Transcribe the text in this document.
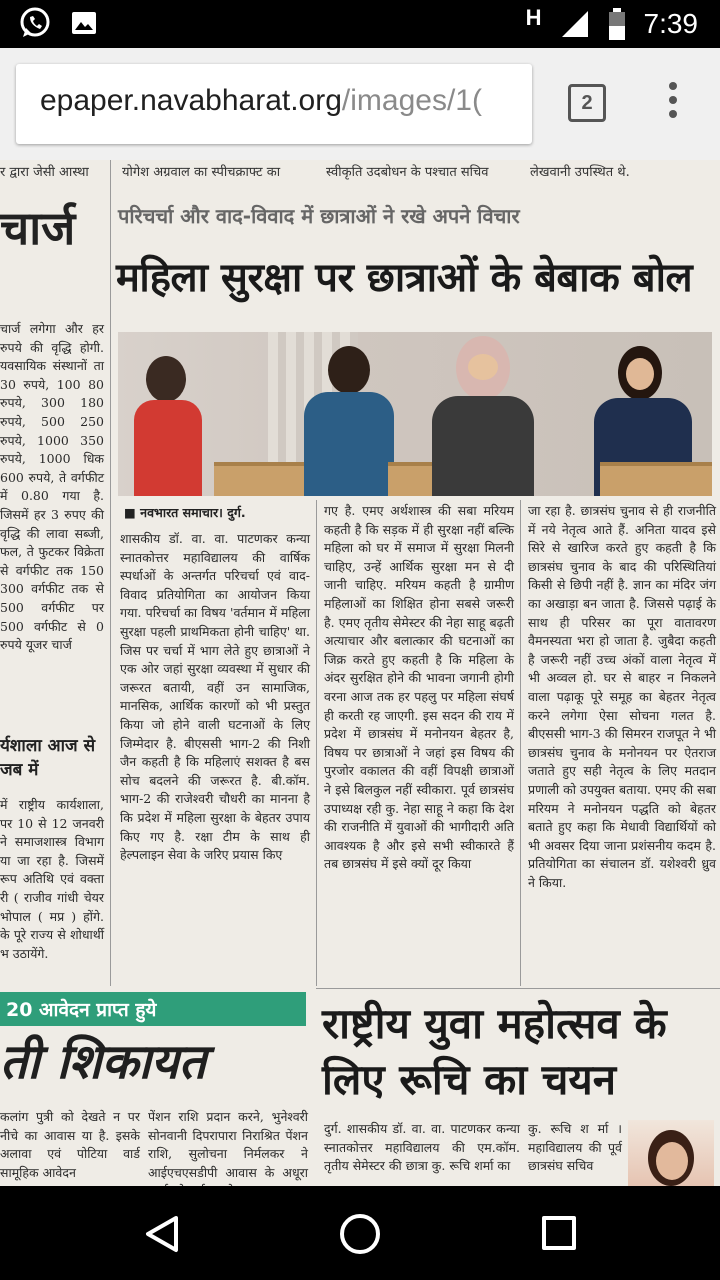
H	7:39
epaper.navabharat.org/images/1(	2
र द्वारा जेसी आस्था	योगेश अग्रवाल का स्पीचक्राफ्ट का	स्वीकृति उदबोधन के पश्चात सचिव	लेखवानी उपस्थित थे.
चार्ज
चार्ज लगेगा और हर रुपये की वृद्धि होगी. यवसायिक संस्थानों ता 30 रुपये, 100 80 रुपये, 300 180 रुपये, 500 250 रुपये, 1000 350 रुपये, 1000 धिक 600 रुपये, ते वर्गफीट में 0.80 गया है. जिसमें हर 3 रुपए की वृद्धि की लावा सब्जी, फल, ते फुटकर विक्रेता से वर्गफीट तक 150 300 वर्गफीट तक से 500 वर्गफीट पर 500 वर्गफीट से 0 रुपये यूजर चार्ज
र्यशाला आज से जब में
में राष्ट्रीय कार्यशाला, पर 10 से 12 जनवरी ने समाजशास्त्र विभाग या जा रहा है. जिसमें रूप अतिथि एवं वक्ता री ( राजीव गांधी चेयर भोपाल ( मप्र ) होंगे. के पूरे राज्य से शोधार्थी भ उठायेंगे.
परिचर्चा और वाद-विवाद में छात्राओं ने रखे अपने विचार
महिला सुरक्षा पर छात्राओं के बेबाक बोल
■ नवभारत समाचार। दुर्ग.
शासकीय डॉ. वा. वा. पाटणकर कन्या स्नातकोत्तर महाविद्यालय की वार्षिक स्पर्धाओं के अन्तर्गत परिचर्चा एवं वाद-विवाद प्रतियोगिता का आयोजन किया गया. परिचर्चा का विषय 'वर्तमान में महिला सुरक्षा पहली प्राथमिकता होनी चाहिए' था. जिस पर चर्चा में भाग लेते हुए छात्राओं ने एक ओर जहां सुरक्षा व्यवस्था में सुधार की जरूरत बतायी, वहीं उन सामाजिक, मानसिक, आर्थिक कारणों को भी प्रस्तुत किया जो होने वाली घटनाओं के लिए जिम्मेदार है. बीएससी भाग-2 की निशी जैन कहती है कि महिलाएं सशक्त है बस सोच बदलने की जरूरत है. बी.कॉम. भाग-2 की राजेश्वरी चौधरी का मानना है कि प्रदेश में महिला सुरक्षा के बेहतर उपाय किए गए है. रक्षा टीम के साथ ही हेल्पलाइन सेवा के जरिए प्रयास किए
गए है. एमए अर्थशास्त्र की सबा मरियम कहती है कि सड़क में ही सुरक्षा नहीं बल्कि महिला को घर में समाज में सुरक्षा मिलनी चाहिए, उन्हें आर्थिक सुरक्षा मन से दी जानी चाहिए. मरियम कहती है ग्रामीण महिलाओं का शिक्षित होना सबसे जरूरी है. एमए तृतीय सेमेस्टर की नेहा साहू बढ़ती अत्याचार और बलात्कार की घटनाओं का जिक्र करते हुए कहती है कि महिला के अंदर सुरक्षित होने की भावना जगानी होगी वरना आज तक हर पहलु पर महिला संघर्ष ही करती रह जाएगी. इस सदन की राय में प्रदेश में छात्रसंघ में मनोनयन बेहतर है, विषय पर छात्राओं ने जहां इस विषय की पुरजोर वकालत की वहीं विपक्षी छात्राओं ने इसे बिलकुल नहीं स्वीकारा. पूर्व छात्रसंघ उपाध्यक्ष रही कु. नेहा साहू ने कहा कि देश की राजनीति में युवाओं की भागीदारी अति आवश्यक है और इसे सभी स्वीकारते हैं तब छात्रसंघ में इसे क्यों दूर किया
जा रहा है. छात्रसंघ चुनाव से ही राजनीति में नये नेतृत्व आते हैं. अनिता यादव इसे सिरे से खारिज करते हुए कहती है कि छात्रसंघ चुनाव के बाद की परिस्थितियां किसी से छिपी नहीं है. ज्ञान का मंदिर जंग का अखाड़ा बन जाता है. जिससे पढ़ाई के साथ ही परिसर का पूरा वातावरण वैमनस्यता भरा हो जाता है. जुबैदा कहती है जरूरी नहीं उच्च अंकों वाला नेतृत्व में भी अव्वल हो. घर से बाहर न निकलने वाला पढ़ाकू पूरे समूह का बेहतर नेतृत्व करने लगेगा ऐसा सोचना गलत है. बीएससी भाग-3 की सिमरन राजपूत ने भी छात्रसंघ चुनाव के मनोनयन पर ऐतराज जताते हुए सही नेतृत्व के लिए मतदान प्रणाली को उपयुक्त बताया. एमए की सबा मरियम ने मनोनयन पद्धति को बेहतर बताते हुए कहा कि मेधावी विद्यार्थियों को भी अवसर दिया जाना प्रशंसनीय कदम है. प्रतियोगिता का संचालन डॉ. यशेश्वरी ध्रुव ने किया.
20 आवेदन प्राप्त हुये
ती शिकायत
कलांग पुत्री को देखते न पर नीचे का आवास या है. इसके अलावा एवं पोटिया वार्ड सामूहिक आवेदन
पेंशन राशि प्रदान करने, भुनेश्वरी सोनवानी दिपरापारा निराश्रित पेंशन राशि, सुलोचना निर्मलकर ने आईएचएसडीपी आवास के अधूरा
राष्ट्रीय युवा महोत्सव के लिए रूचि का चयन
दुर्ग. शासकीय डॉ. वा. वा. पाटणकर कन्या स्नातकोत्तर महाविद्यालय की एम.कॉम. तृतीय सेमेस्टर की छात्रा कु. रूचि शर्मा का
कु. रूचि श र्मा । महाविद्यालय की पूर्व छात्रसंघ सचिव
